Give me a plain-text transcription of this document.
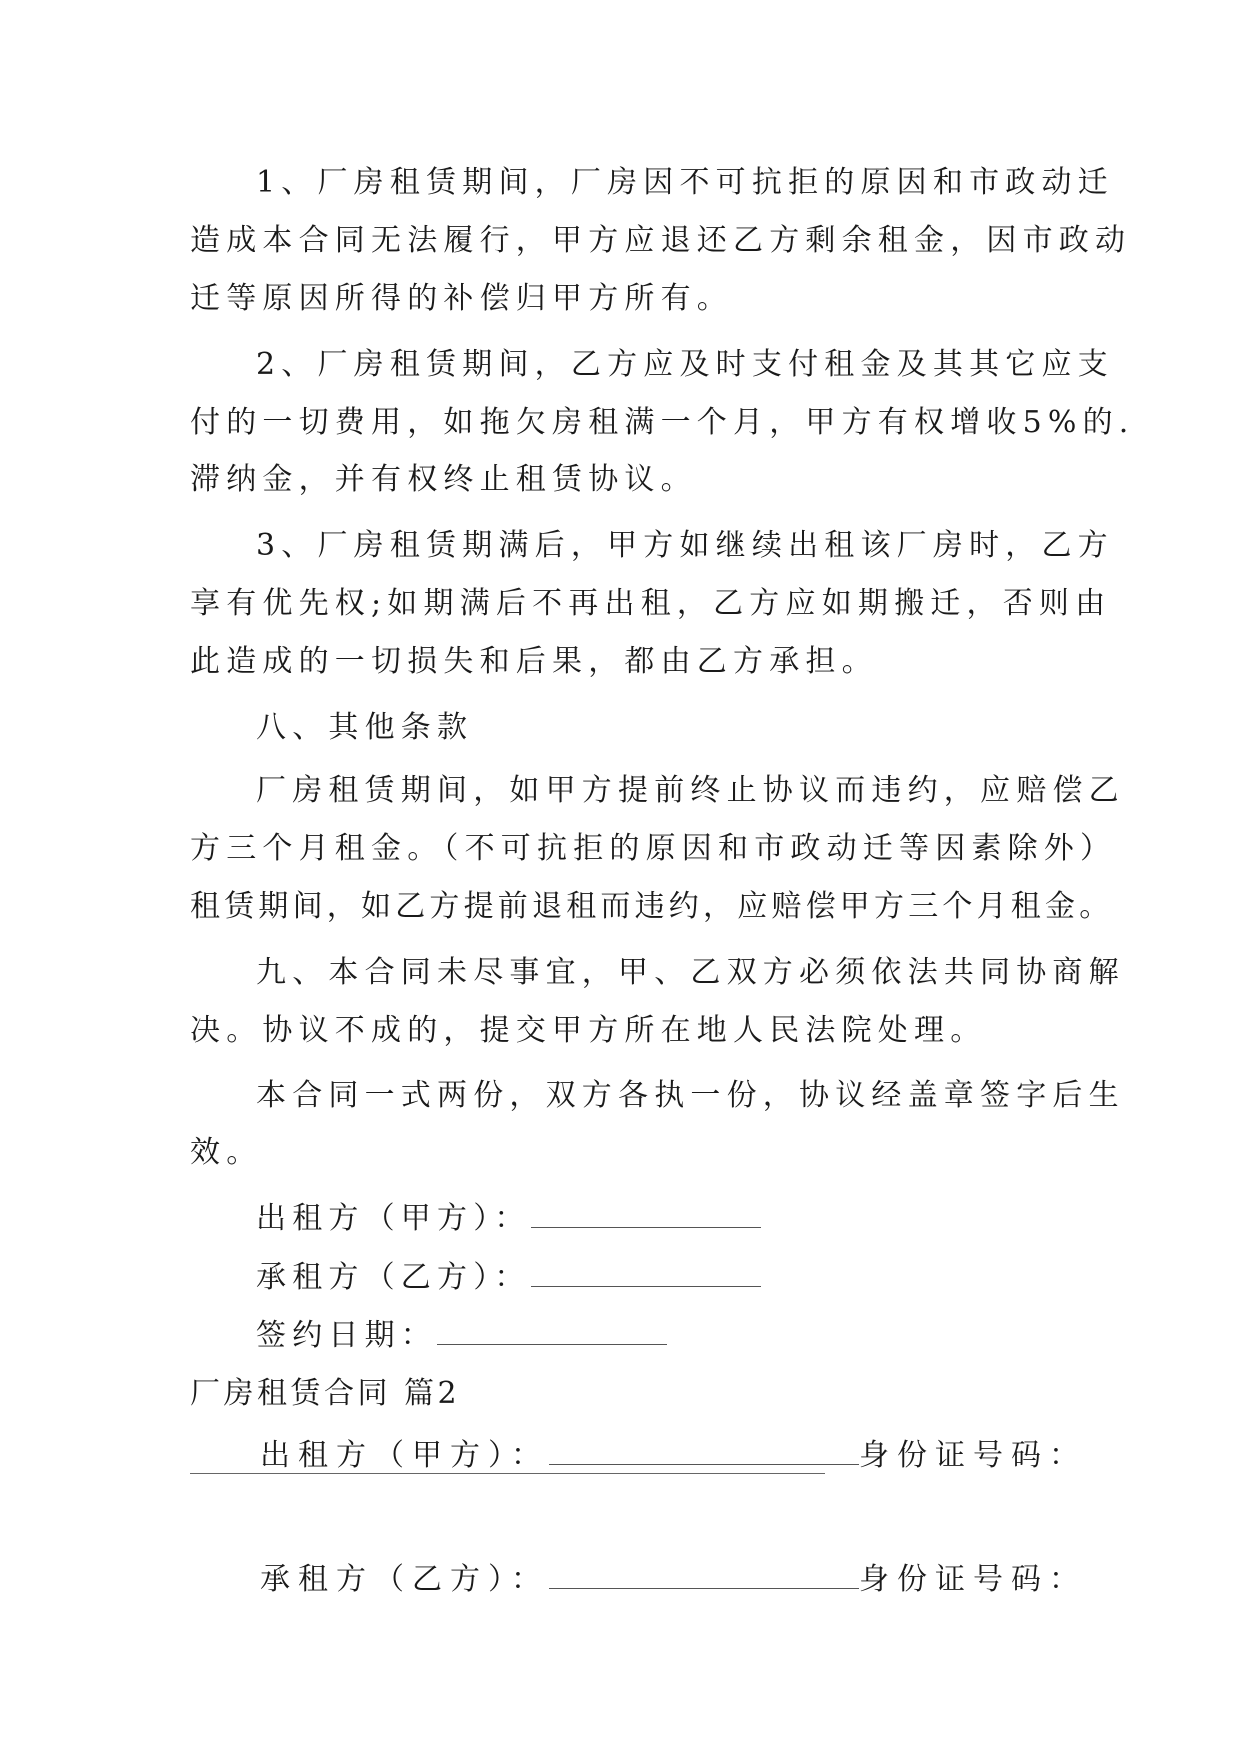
1、厂房租赁期间，厂房因不可抗拒的原因和市政动迁
造成本合同无法履行，甲方应退还乙方剩余租金，因市政动
迁等原因所得的补偿归甲方所有。
2、厂房租赁期间，乙方应及时支付租金及其其它应支
付的一切费用，如拖欠房租满一个月，甲方有权增收5%的.
滞纳金，并有权终止租赁协议。
3、厂房租赁期满后，甲方如继续出租该厂房时，乙方
享有优先权;如期满后不再出租，乙方应如期搬迁，否则由
此造成的一切损失和后果，都由乙方承担。
八、其他条款
厂房租赁期间，如甲方提前终止协议而违约，应赔偿乙
方三个月租金。（不可抗拒的原因和市政动迁等因素除外）
租赁期间，如乙方提前退租而违约，应赔偿甲方三个月租金。
九、本合同未尽事宜，甲、乙双方必须依法共同协商解
决。协议不成的，提交甲方所在地人民法院处理。
本合同一式两份，双方各执一份，协议经盖章签字后生
效。
出租方（甲方）：
承租方（乙方）：
签约日期：
厂房租赁合同 篇2
出租方（甲方）：	身份证号码：
承租方（乙方）：	身份证号码：
